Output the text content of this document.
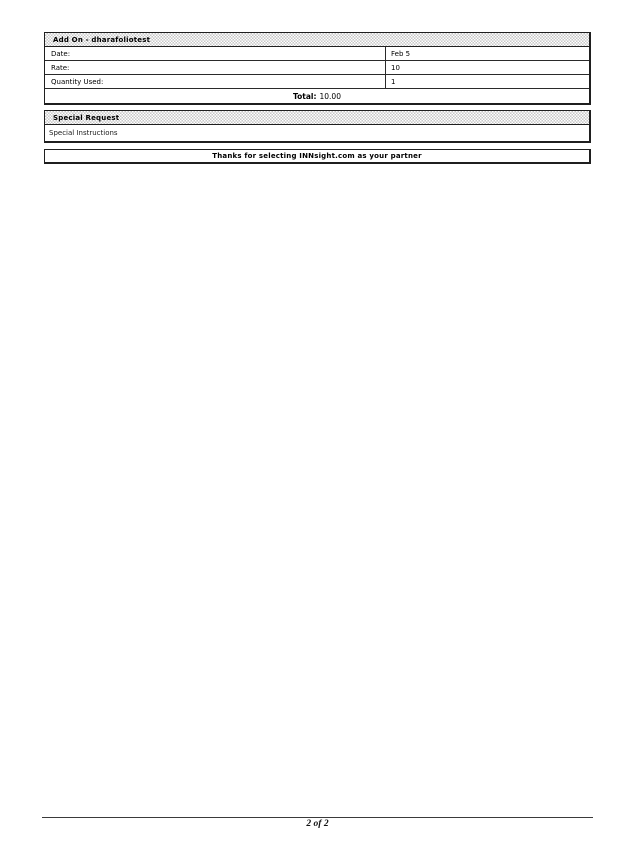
Add On - dharafoliotest
Date:	Feb 5
Rate:	10
Quantity Used:	1
Total: 10.00
Special Request
Special Instructions
Thanks for selecting INNsight.com as your partner
2 of 2
